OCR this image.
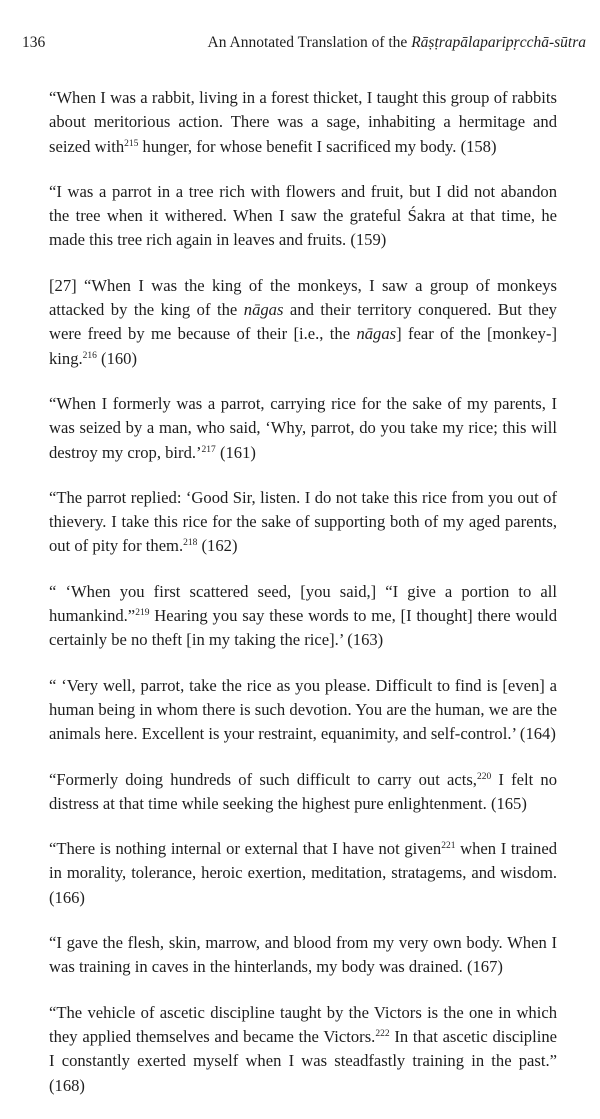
136	An Annotated Translation of the Rāṣṭrapālaparipṛcchā-sūtra

“When I was a rabbit, living in a forest thicket, I taught this group of rabbits about meritorious action. There was a sage, inhabiting a hermitage and seized with$^{215}$ hunger, for whose benefit I sacrificed my body. (158)

“I was a parrot in a tree rich with flowers and fruit, but I did not abandon the tree when it withered. When I saw the grateful Śakra at that time, he made this tree rich again in leaves and fruits. (159)

[27] “When I was the king of the monkeys, I saw a group of monkeys attacked by the king of the nāgas and their territory conquered. But they were freed by me because of their [i.e., the nāgas] fear of the [monkey-] king.$^{216}$ (160)

“When I formerly was a parrot, carrying rice for the sake of my parents, I was seized by a man, who said, ‘Why, parrot, do you take my rice; this will destroy my crop, bird.’$^{217}$ (161)

“The parrot replied: ‘Good Sir, listen. I do not take this rice from you out of thievery. I take this rice for the sake of supporting both of my aged parents, out of pity for them.$^{218}$ (162)

“ ‘When you first scattered seed, [you said,] “I give a portion to all humankind.”$^{219}$ Hearing you say these words to me, [I thought] there would certainly be no theft [in my taking the rice].’ (163)

“ ‘Very well, parrot, take the rice as you please. Difficult to find is [even] a human being in whom there is such devotion. You are the human, we are the animals here. Excellent is your restraint, equanimity, and self-control.’ (164)

“Formerly doing hundreds of such difficult to carry out acts,$^{220}$ I felt no distress at that time while seeking the highest pure enlightenment. (165)

“There is nothing internal or external that I have not given$^{221}$ when I trained in morality, tolerance, heroic exertion, meditation, stratagems, and wisdom. (166)

“I gave the flesh, skin, marrow, and blood from my very own body. When I was training in caves in the hinterlands, my body was drained. (167)

“The vehicle of ascetic discipline taught by the Victors is the one in which they applied themselves and became the Victors.$^{222}$ In that ascetic discipline I constantly exerted myself when I was steadfastly training in the past.” (168)
